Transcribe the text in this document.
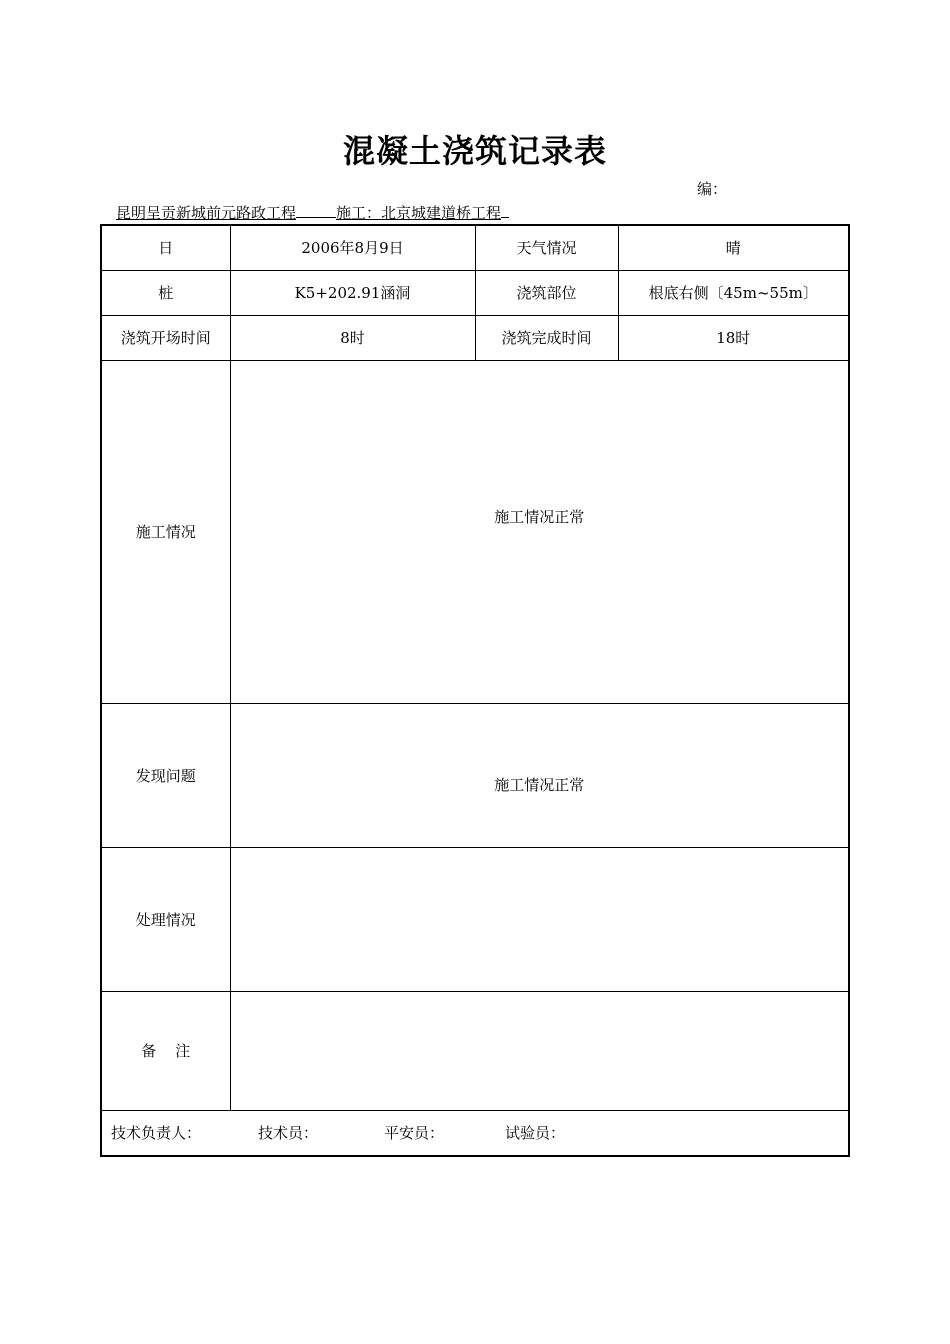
混凝土浇筑记录表
编：
昆明呈贡新城前元路政工程	施工：北京城建道桥工程
日	2006年8月9日	天气情况	晴
桩	K5+202.91涵洞	浇筑部位	根底右侧〔45m~55m〕
浇筑开场时间	8时	浇筑完成时间	18时
施工情况	施工情况正常		

发现问题	施工情况正常		

处理情况			
备    注			
技术负责人： 技术员： 平安员： 试验员：			
